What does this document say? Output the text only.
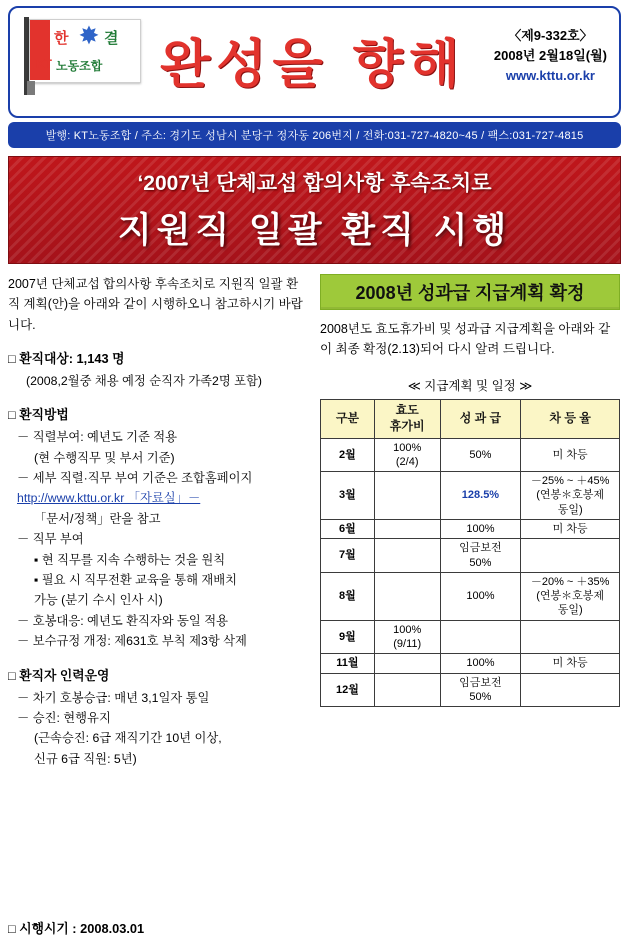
한 ✸ 결
KT 노동조합 완성을 향해	〈제9-332호〉
2008년 2월18일(월)
www.kttu.or.kr
발행: KT노동조합 / 주소: 경기도 성남시 분당구 정자동 206번지 / 전화:031-727-4820~45 / 팩스:031-727-4815
‘2007년 단체교섭 합의사항 후속조치로
지원직 일괄 환직 시행
2007년 단체교섭 합의사항 후속조치로 지원직 일괄 환직 계획(안)을 아래와 같이 시행하오니 참고하시기 바랍니다.
□ 환직대상: 1,143 명
(2008,2월중 채용 예정 순직자 가족2명 포함)
□ 환직방법
－ 직렬부여: 예년도 기준 적용
(현 수행직무 및 부서 기준)
－ 세부 직렬·직무 부여 기준은 조합홈페이지
http://www.kttu.or.kr 「자료실」－
「문서/정책」란을 참고
－ 직무 부여
▪ 현 직무를 지속 수행하는 것을 원칙
▪ 필요 시 직무전환 교육을 통해 재배치
가능 (분기 수시 인사 시)
－ 호봉대응: 예년도 환직자와 동일 적용
－ 보수규정 개정: 제631호 부칙 제3항 삭제
□ 환직자 인력운영
－ 차기 호봉승급: 매년 3,1일자 통일
－ 승진: 현행유지
(근속승진: 6급 재직기간 10년 이상,
신규 6급 직원: 5년)
2008년 성과급 지급계획 확정
2008년도 효도휴가비 및 성과급 지급계획을 아래와 같이 최종 확정(2.13)되어 다시 알려 드립니다.
≪ 지급계획 및 일정 ≫
구분	효도
휴가비	성 과 급	차 등 율
2월	100%
(2/4)	50%	미 차등

3월		128.5%	－25% ~ ＋45%
(연봉＊호봉제
동일)

6월		100%	미 차등

7월		임금보전
50%	

8월		100%	－20% ~ ＋35%
(연봉＊호봉제
동일)

9월	100%
(9/11)		

11월		100%	미 차등

12월		임금보전
50%	

□ 시행시기 : 2008.03.01
